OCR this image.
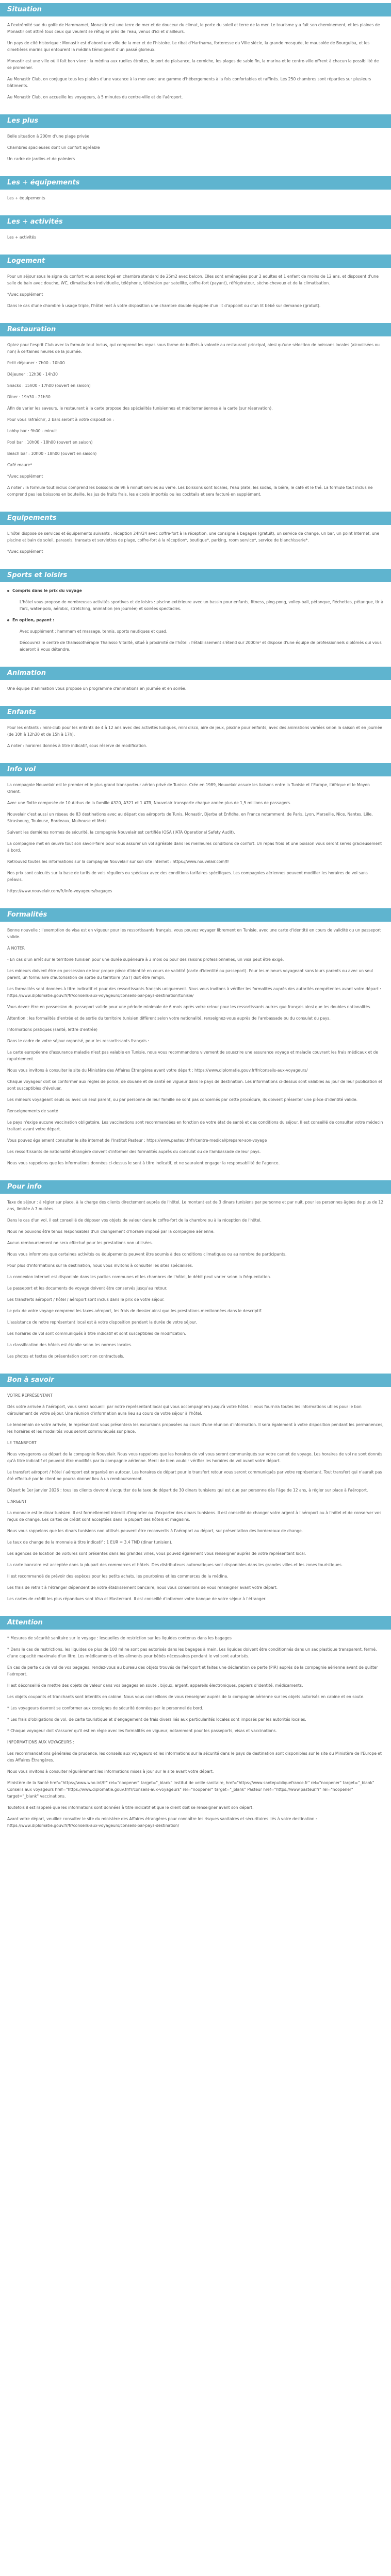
Situation
A l'extrémité sud du golfe de Hammamet, Monastir est une terre de mer et de douceur du climat, le porte du soleil et terre de la mer. Le tourisme y a fait son cheminement, et les plaines de Monastir ont attiré tous ceux qui veulent se réfugier près de l'eau, venus d'ici et d'ailleurs.
Un pays de cité historique : Monastir est d'abord une ville de la mer et de l'histoire. Le ribat d'Harthama, forteresse du VIIIe siècle, la grande mosquée, le mausolée de Bourguiba, et les cimetières marins qui entourent la médina témoignent d'un passé glorieux.
Monastir est une ville où il fait bon vivre : la médina aux ruelles étroites, le port de plaisance, la corniche, les plages de sable fin, la marina et le centre-ville offrent à chacun la possibilité de se promener.
Au Monastir Club, on conjugue tous les plaisirs d'une vacance à la mer avec une gamme d'hébergements à la fois confortables et raffinés. Les 250 chambres sont réparties sur plusieurs bâtiments.
Au Monastir Club, on accueille les voyageurs, à 5 minutes du centre-ville et de l'aéroport.
Les plus
Belle situation à 200m d'une plage privée
Chambres spacieuses dont un confort agréable
Un cadre de jardins et de palmiers
Les + équipements
Les + équipements
Les + activités
Les + activités
Logement
Pour un séjour sous le signe du confort vous serez logé en chambre standard de 25m2 avec balcon. Elles sont aménagées pour 2 adultes et 1 enfant de moins de 12 ans, et disposent d'une salle de bain avec douche, WC, climatisation individuelle, téléphone, télévision par satellite, coffre-fort (payant), réfrigérateur, sèche-cheveux et de la climatisation.
*Avec supplément
Dans le cas d'une chambre à usage triple, l'hôtel met à votre disposition une chambre double équipée d'un lit d'appoint ou d'un lit bébé sur demande (gratuit).
Restauration
Optez pour l'esprit Club avec la formule tout inclus, qui comprend les repas sous forme de buffets à volonté au restaurant principal, ainsi qu'une sélection de boissons locales (alcoolisées ou non) à certaines heures de la journée.
Petit déjeuner : 7h00 - 10h00
Déjeuner : 12h30 - 14h30
Snacks : 15h00 - 17h00 (ouvert en saison)
Dîner : 19h30 - 21h30
Afin de varier les saveurs, le restaurant à la carte propose des spécialités tunisiennes et méditerranéennes à la carte (sur réservation).
Pour vous rafraîchir, 2 bars seront à votre disposition :
Lobby bar : 9h00 - minuit
Pool bar : 10h00 - 18h00 (ouvert en saison)
Beach bar : 10h00 - 18h00 (ouvert en saison)
Café maure*
*Avec supplément
A noter : la formule tout inclus comprend les boissons de 9h à minuit servies au verre. Les boissons sont locales, l'eau plate, les sodas, la bière, le café et le thé. La formule tout inclus ne comprend pas les boissons en bouteille, les jus de fruits frais, les alcools importés ou les cocktails et sera facturé en supplément.
Equipements
L'hôtel dispose de services et équipements suivants : réception 24h/24 avec coffre-fort à la réception, une consigne à bagages (gratuit), un service de change, un bar, un point Internet, une piscine et bain de soleil, parasols, transats et serviettes de plage, coffre-fort à la réception*, boutique*, parking, room service*, service de blanchisserie*.
*Avec supplément
Sports et loisirs
Compris dans le prix du voyage
L'hôtel vous propose de nombreuses activités sportives et de loisirs : piscine extérieure avec un bassin pour enfants, fitness, ping-pong, volley-ball, pétanque, fléchettes, pétanque, tir à l'arc, water-polo, aérobic, stretching, animation (en journée) et soirées spectacles.
En option, payant :
Avec supplément : hammam et massage, tennis, sports nautiques et quad.
Découvrez le centre de thalassothérapie Thalasso Vitalité, situé à proximité de l'hôtel : l'établissement s'étend sur 2000m² et dispose d'une équipe de professionnels diplômés qui vous aideront à vous détendre.
Animation
Une équipe d'animation vous propose un programme d'animations en journée et en soirée.
Enfants
Pour les enfants : mini-club pour les enfants de 4 à 12 ans avec des activités ludiques, mini disco, aire de jeux, piscine pour enfants, avec des animations variées selon la saison et en journée (de 10h à 12h30 et de 15h à 17h).
A noter : horaires donnés à titre indicatif, sous réserve de modification.
Info vol
La compagnie Nouvelair est le premier et le plus grand transporteur aérien privé de Tunisie. Crée en 1989, Nouvelair assure les liaisons entre la Tunisie et l'Europe, l'Afrique et le Moyen Orient.
Avec une flotte composée de 10 Airbus de la famille A320, A321 et 1 ATR, Nouvelair transporte chaque année plus de 1,5 millions de passagers.
Nouvelair c'est aussi un réseau de 83 destinations avec au départ des aéroports de Tunis, Monastir, Djerba et Enfidha, en France notamment, de Paris, Lyon, Marseille, Nice, Nantes, Lille, Strasbourg, Toulouse, Bordeaux, Mulhouse et Metz.
Suivant les dernières normes de sécurité, la compagnie Nouvelair est certifiée IOSA (IATA Operational Safety Audit).
La compagnie met en œuvre tout son savoir-faire pour vous assurer un vol agréable dans les meilleures conditions de confort. Un repas froid et une boisson vous seront servis gracieusement à bord.
Retrouvez toutes les informations sur la compagnie Nouvelair sur son site internet : https://www.nouvelair.com/fr
Nos prix sont calculés sur la base de tarifs de vols réguliers ou spéciaux avec des conditions tarifaires spécifiques. Les compagnies aériennes peuvent modifier les horaires de vol sans préavis.
https://www.nouvelair.com/fr/info-voyageurs/bagages
Formalités
Bonne nouvelle : l'exemption de visa est en vigueur pour les ressortissants français, vous pouvez voyager librement en Tunisie, avec une carte d'identité en cours de validité ou un passeport valide.
A NOTER
- En cas d'un arrêt sur le territoire tunisien pour une durée supérieure à 3 mois ou pour des raisons professionnelles, un visa peut être exigé.
Les mineurs doivent être en possession de leur propre pièce d'identité en cours de validité (carte d'identité ou passeport). Pour les mineurs voyageant sans leurs parents ou avec un seul parent, un formulaire d'autorisation de sortie du territoire (AST) doit être rempli.
Les formalités sont données à titre indicatif et pour des ressortissants français uniquement. Nous vous invitons à vérifier les formalités auprès des autorités compétentes avant votre départ : https://www.diplomatie.gouv.fr/fr/conseils-aux-voyageurs/conseils-par-pays-destination/tunisie/
Vous devez être en possession du passeport valide pour une période minimale de 6 mois après votre retour pour les ressortissants autres que français ainsi que les doubles nationalités.
Attention : les formalités d'entrée et de sortie du territoire tunisien diffèrent selon votre nationalité, renseignez-vous auprès de l'ambassade ou du consulat du pays.
Informations pratiques (santé, lettre d'entrée)
Dans le cadre de votre séjour organisé, pour les ressortissants français :
La carte européenne d'assurance maladie n'est pas valable en Tunisie, nous vous recommandons vivement de souscrire une assurance voyage et maladie couvrant les frais médicaux et de rapatriement.
Nous vous invitons à consulter le site du Ministère des Affaires Étrangères avant votre départ : https://www.diplomatie.gouv.fr/fr/conseils-aux-voyageurs/
Chaque voyageur doit se conformer aux règles de police, de douane et de santé en vigueur dans le pays de destination. Les informations ci-dessus sont valables au jour de leur publication et sont susceptibles d'évoluer.
Les mineurs voyageant seuls ou avec un seul parent, ou par personne de leur famille ne sont pas concernés par cette procédure, ils doivent présenter une pièce d'identité valide.
Renseignements de santé
Le pays n'exige aucune vaccination obligatoire. Les vaccinations sont recommandées en fonction de votre état de santé et des conditions du séjour. Il est conseillé de consulter votre médecin traitant avant votre départ.
Vous pouvez également consulter le site internet de l'Institut Pasteur : https://www.pasteur.fr/fr/centre-medical/preparer-son-voyage
Les ressortissants de nationalité étrangère doivent s'informer des formalités auprès du consulat ou de l'ambassade de leur pays.
Nous vous rappelons que les informations données ci-dessus le sont à titre indicatif, et ne sauraient engager la responsabilité de l'agence.
Pour info
Taxe de séjour : à régler sur place, à la charge des clients directement auprès de l'hôtel. Le montant est de 3 dinars tunisiens par personne et par nuit, pour les personnes âgées de plus de 12 ans, limitée à 7 nuitées.
Dans le cas d'un vol, il est conseillé de déposer vos objets de valeur dans le coffre-fort de la chambre ou à la réception de l'hôtel.
Nous ne pouvons être tenus responsables d'un changement d'horaire imposé par la compagnie aérienne.
Aucun remboursement ne sera effectué pour les prestations non utilisées.
Nous vous informons que certaines activités ou équipements peuvent être soumis à des conditions climatiques ou au nombre de participants.
Pour plus d'informations sur la destination, nous vous invitons à consulter les sites spécialisés.
La connexion internet est disponible dans les parties communes et les chambres de l'hôtel, le débit peut varier selon la fréquentation.
Le passeport et les documents de voyage doivent être conservés jusqu'au retour.
Les transferts aéroport / hôtel / aéroport sont inclus dans le prix de votre séjour.
Le prix de votre voyage comprend les taxes aéroport, les frais de dossier ainsi que les prestations mentionnées dans le descriptif.
L'assistance de notre représentant local est à votre disposition pendant la durée de votre séjour.
Les horaires de vol sont communiqués à titre indicatif et sont susceptibles de modification.
La classification des hôtels est établie selon les normes locales.
Les photos et textes de présentation sont non contractuels.
Bon à savoir
VOTRE REPRÉSENTANT
Dès votre arrivée à l'aéroport, vous serez accueilli par notre représentant local qui vous accompagnera jusqu'à votre hôtel. Il vous fournira toutes les informations utiles pour le bon déroulement de votre séjour. Une réunion d'information aura lieu au cours de votre séjour à l'hôtel.
Le lendemain de votre arrivée, le représentant vous présentera les excursions proposées au cours d'une réunion d'information. Il sera également à votre disposition pendant les permanences, les horaires et les modalités vous seront communiqués sur place.
LE TRANSPORT
Nous voyagerons au départ de la compagnie Nouvelair. Nous vous rappelons que les horaires de vol vous seront communiqués sur votre carnet de voyage. Les horaires de vol ne sont donnés qu'à titre indicatif et peuvent être modifiés par la compagnie aérienne. Merci de bien vouloir vérifier les horaires de vol avant votre départ.
Le transfert aéroport / hôtel / aéroport est organisé en autocar. Les horaires de départ pour le transfert retour vous seront communiqués par votre représentant. Tout transfert qui n'aurait pas été effectué par le client ne pourra donner lieu à un remboursement.
Départ le 1er janvier 2026 : tous les clients devront s'acquitter de la taxe de départ de 30 dinars tunisiens qui est due par personne dès l'âge de 12 ans, à régler sur place à l'aéroport.
L'ARGENT
La monnaie est le dinar tunisien. Il est formellement interdit d'importer ou d'exporter des dinars tunisiens. Il est conseillé de changer votre argent à l'aéroport ou à l'hôtel et de conserver vos reçus de change. Les cartes de crédit sont acceptées dans la plupart des hôtels et magasins.
Nous vous rappelons que les dinars tunisiens non utilisés peuvent être reconvertis à l'aéroport au départ, sur présentation des bordereaux de change.
Le taux de change de la monnaie à titre indicatif : 1 EUR = 3,4 TND (dinar tunisien).
Les agences de location de voitures sont présentes dans les grandes villes, vous pouvez également vous renseigner auprès de votre représentant local.
La carte bancaire est acceptée dans la plupart des commerces et hôtels. Des distributeurs automatiques sont disponibles dans les grandes villes et les zones touristiques.
Il est recommandé de prévoir des espèces pour les petits achats, les pourboires et les commerces de la médina.
Les frais de retrait à l'étranger dépendent de votre établissement bancaire, nous vous conseillons de vous renseigner avant votre départ.
Les cartes de crédit les plus répandues sont Visa et Mastercard. Il est conseillé d'informer votre banque de votre séjour à l'étranger.
Attention
* Mesures de sécurité sanitaire sur le voyage : lesquelles de restriction sur les liquides contenus dans les bagages
* Dans le cas de restrictions, les liquides de plus de 100 ml ne sont pas autorisés dans les bagages à main. Les liquides doivent être conditionnés dans un sac plastique transparent, fermé, d'une capacité maximale d'un litre. Les médicaments et les aliments pour bébés nécessaires pendant le vol sont autorisés.
En cas de perte ou de vol de vos bagages, rendez-vous au bureau des objets trouvés de l'aéroport et faites une déclaration de perte (PIR) auprès de la compagnie aérienne avant de quitter l'aéroport.
Il est déconseillé de mettre des objets de valeur dans vos bagages en soute : bijoux, argent, appareils électroniques, papiers d'identité, médicaments.
Les objets coupants et tranchants sont interdits en cabine. Nous vous conseillons de vous renseigner auprès de la compagnie aérienne sur les objets autorisés en cabine et en soute.
* Les voyageurs devront se conformer aux consignes de sécurité données par le personnel de bord.
* Les frais d'obligations de vol, de carte touristique et d'engagement de frais divers liés aux particularités locales sont imposés par les autorités locales.
* Chaque voyageur doit s'assurer qu'il est en règle avec les formalités en vigueur, notamment pour les passeports, visas et vaccinations.
INFORMATIONS AUX VOYAGEURS :
Les recommandations générales de prudence, les conseils aux voyageurs et les informations sur la sécurité dans le pays de destination sont disponibles sur le site du Ministère de l'Europe et des Affaires Étrangères.
Nous vous invitons à consulter régulièrement les informations mises à jour sur le site avant votre départ.
Ministère de la Santé href="https://www.who.int/fr" rel="noopener" target="_blank" Institut de veille sanitaire, href="https://www.santepubliquefrance.fr" rel="noopener" target="_blank" Conseils aux voyageurs href="https://www.diplomatie.gouv.fr/fr/conseils-aux-voyageurs" rel="noopener" target="_blank" Pasteur href="https://www.pasteur.fr" rel="noopener" target="_blank" vaccinations.
Toutefois il est rappelé que les informations sont données à titre indicatif et que le client doit se renseigner avant son départ.
Avant votre départ, veuillez consulter le site du ministère des Affaires étrangères pour connaître les risques sanitaires et sécuritaires liés à votre destination : https://www.diplomatie.gouv.fr/fr/conseils-aux-voyageurs/conseils-par-pays-destination/
